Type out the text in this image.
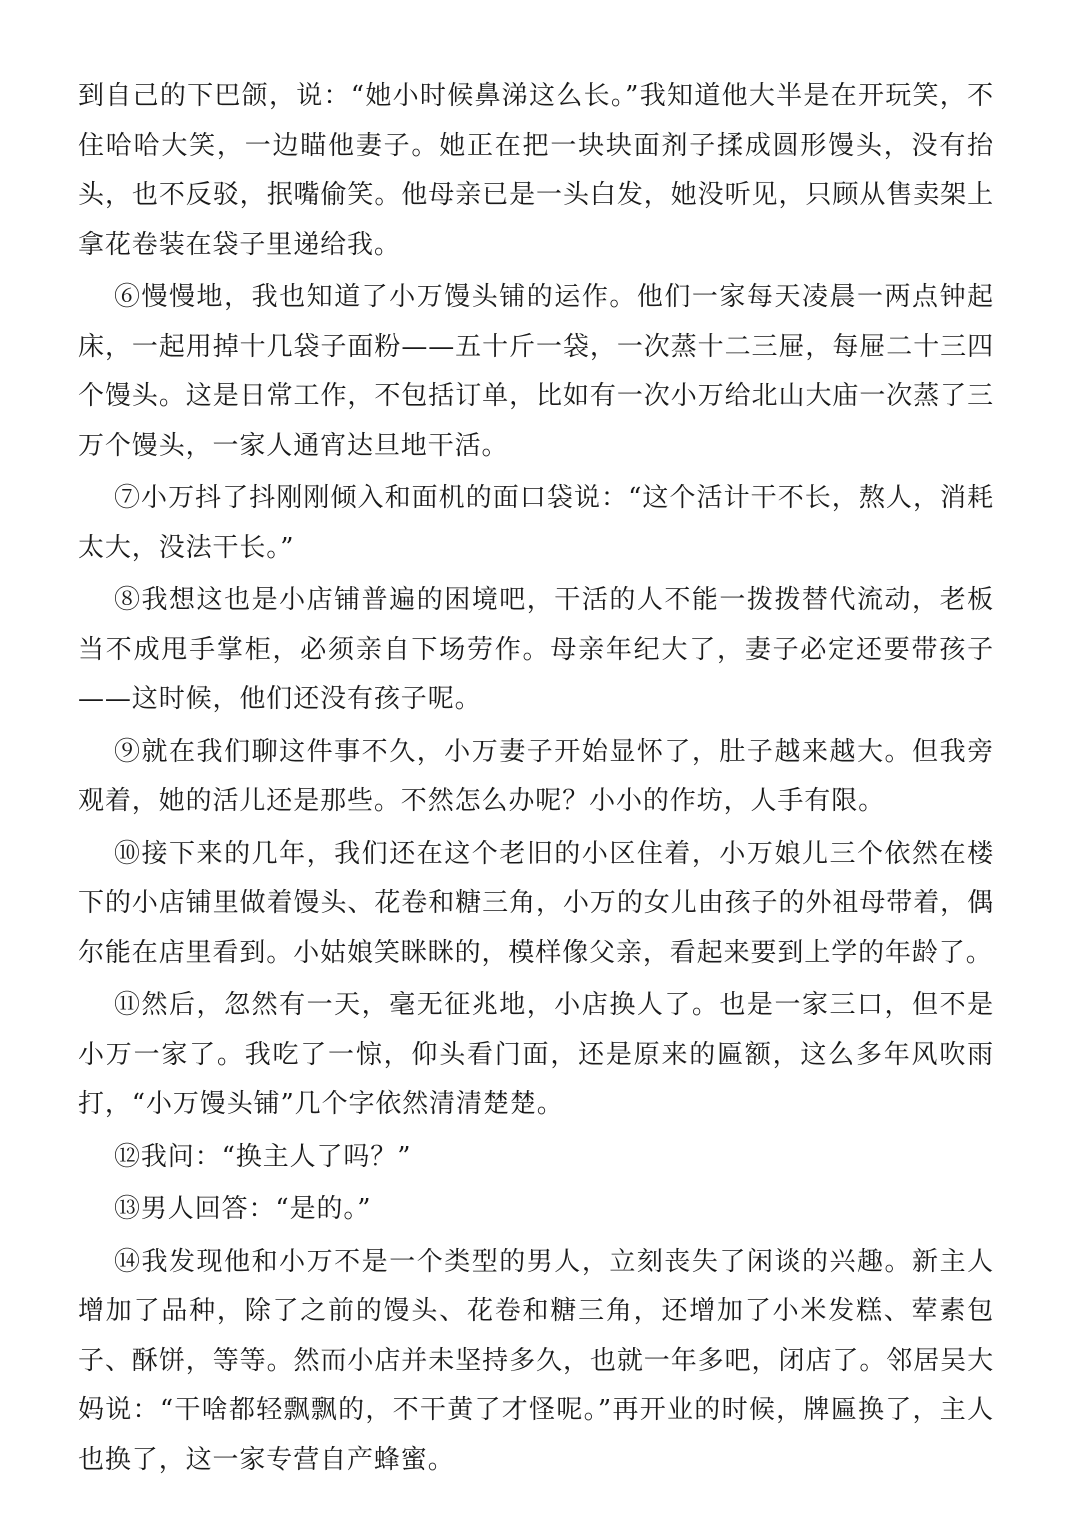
到自己的下巴颌，说：“她小时候鼻涕这么长。”我知道他大半是在开玩笑，不住哈哈大笑，一边瞄他妻子。她正在把一块块面剂子揉成圆形馒头，没有抬头，也不反驳，抿嘴偷笑。他母亲已是一头白发，她没听见，只顾从售卖架上拿花卷装在袋子里递给我。

⑥慢慢地，我也知道了小万馒头铺的运作。他们一家每天凌晨一两点钟起床，一起用掉十几袋子面粉——五十斤一袋，一次蒸十二三屉，每屉二十三四个馒头。这是日常工作，不包括订单，比如有一次小万给北山大庙一次蒸了三万个馒头，一家人通宵达旦地干活。

⑦小万抖了抖刚刚倾入和面机的面口袋说：“这个活计干不长，熬人，消耗太大，没法干长。”

⑧我想这也是小店铺普遍的困境吧，干活的人不能一拨拨替代流动，老板当不成甩手掌柜，必须亲自下场劳作。母亲年纪大了，妻子必定还要带孩子——这时候，他们还没有孩子呢。

⑨就在我们聊这件事不久，小万妻子开始显怀了，肚子越来越大。但我旁观着，她的活儿还是那些。不然怎么办呢？小小的作坊，人手有限。

⑩接下来的几年，我们还在这个老旧的小区住着，小万娘儿三个依然在楼下的小店铺里做着馒头、花卷和糖三角，小万的女儿由孩子的外祖母带着，偶尔能在店里看到。小姑娘笑眯眯的，模样像父亲，看起来要到上学的年龄了。

⑪然后，忽然有一天，毫无征兆地，小店换人了。也是一家三口，但不是小万一家了。我吃了一惊，仰头看门面，还是原来的匾额，这么多年风吹雨打，“小万馒头铺”几个字依然清清楚楚。

⑫我问：“换主人了吗？”

⑬男人回答：“是的。”

⑭我发现他和小万不是一个类型的男人，立刻丧失了闲谈的兴趣。新主人增加了品种，除了之前的馒头、花卷和糖三角，还增加了小米发糕、荤素包子、酥饼，等等。然而小店并未坚持多久，也就一年多吧，闭店了。邻居吴大妈说：“干啥都轻飘飘的，不干黄了才怪呢。”再开业的时候，牌匾换了，主人也换了，这一家专营自产蜂蜜。
